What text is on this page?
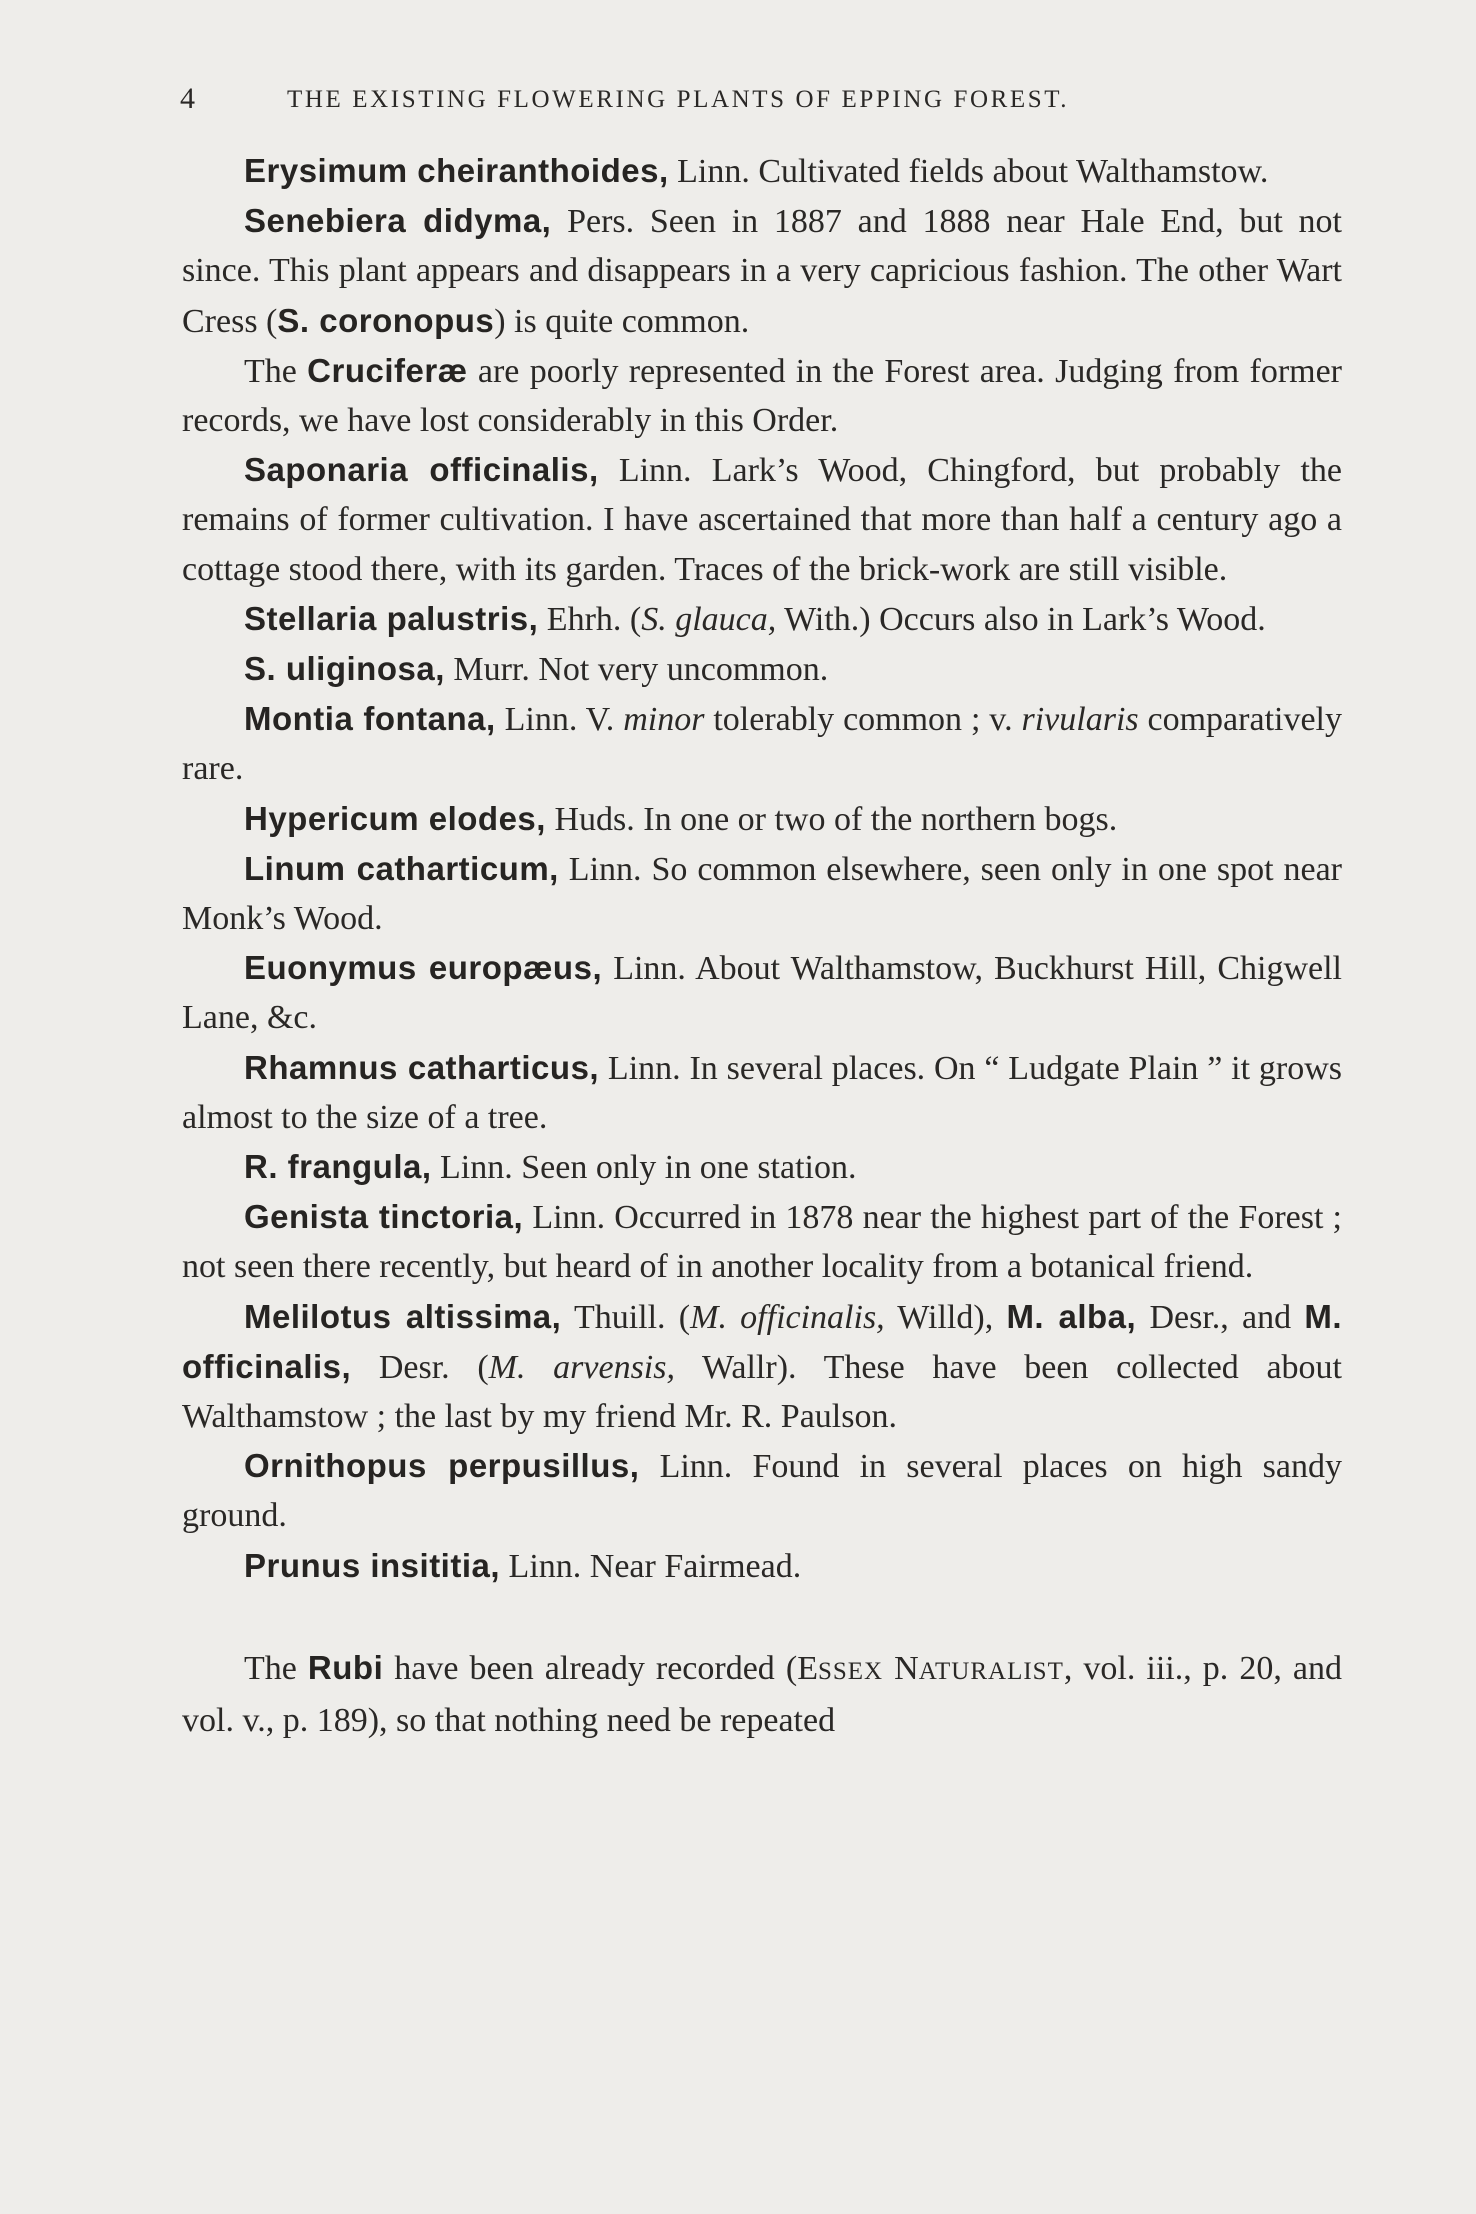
4	THE EXISTING FLOWERING PLANTS OF EPPING FOREST.

Erysimum cheiranthoides, Linn. Cultivated fields about Walthamstow.

Senebiera didyma, Pers. Seen in 1887 and 1888 near Hale End, but not since. This plant appears and disappears in a very capricious fashion. The other Wart Cress (S. coronopus) is quite common.

The Cruciferæ are poorly represented in the Forest area. Judging from former records, we have lost considerably in this Order.

Saponaria officinalis, Linn. Lark’s Wood, Chingford, but probably the remains of former cultivation. I have ascertained that more than half a century ago a cottage stood there, with its garden. Traces of the brick-work are still visible.

Stellaria palustris, Ehrh. (S. glauca, With.) Occurs also in Lark’s Wood.

S. uliginosa, Murr. Not very uncommon.

Montia fontana, Linn. V. minor tolerably common ; v. rivularis comparatively rare.

Hypericum elodes, Huds. In one or two of the northern bogs.

Linum catharticum, Linn. So common elsewhere, seen only in one spot near Monk’s Wood.

Euonymus europæus, Linn. About Walthamstow, Buckhurst Hill, Chigwell Lane, &c.

Rhamnus catharticus, Linn. In several places. On “ Ludgate Plain ” it grows almost to the size of a tree.

R. frangula, Linn. Seen only in one station.

Genista tinctoria, Linn. Occurred in 1878 near the highest part of the Forest ; not seen there recently, but heard of in another locality from a botanical friend.

Melilotus altissima, Thuill. (M. officinalis, Willd), M. alba, Desr., and M. officinalis, Desr. (M. arvensis, Wallr). These have been collected about Walthamstow ; the last by my friend Mr. R. Paulson.

Ornithopus perpusillus, Linn. Found in several places on high sandy ground.

Prunus insititia, Linn. Near Fairmead.

The Rubi have been already recorded (ESSEX NATURALIST, vol. iii., p. 20, and vol. v., p. 189), so that nothing need be repeated
